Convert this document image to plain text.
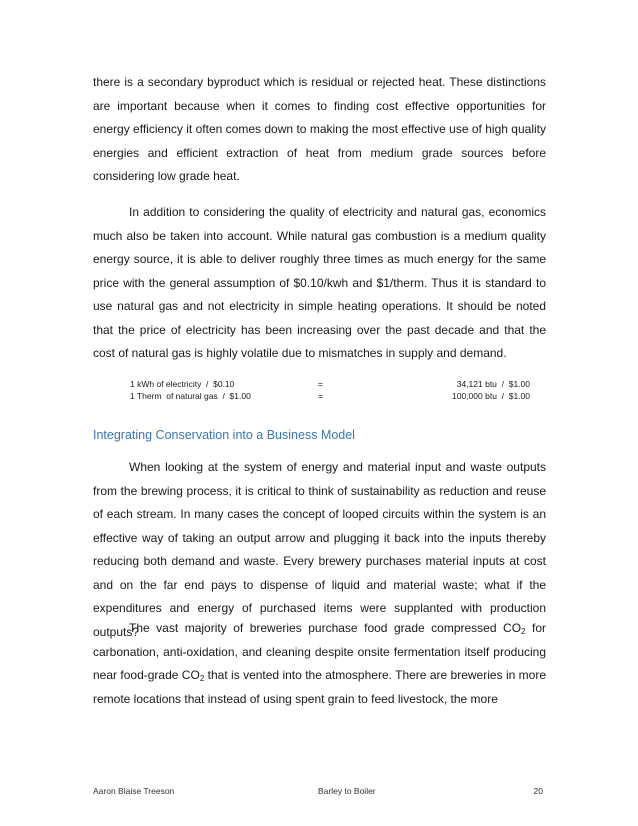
there is a secondary byproduct which is residual or rejected heat. These distinctions are important because when it comes to finding cost effective opportunities for energy efficiency it often comes down to making the most effective use of high quality energies and efficient extraction of heat from medium grade sources before considering low grade heat.

In addition to considering the quality of electricity and natural gas, economics much also be taken into account. While natural gas combustion is a medium quality energy source, it is able to deliver roughly three times as much energy for the same price with the general assumption of $0.10/kwh and $1/therm. Thus it is standard to use natural gas and not electricity in simple heating operations. It should be noted that the price of electricity has been increasing over the past decade and that the cost of natural gas is highly volatile due to mismatches in supply and demand.

1 kWh of electricity  /  $0.10	=	34,121 btu  /  $1.00
1 Therm  of natural gas  /  $1.00	=	100,000 btu  /  $1.00
Integrating Conservation into a Business Model

When looking at the system of energy and material input and waste outputs from the brewing process, it is critical to think of sustainability as reduction and reuse of each stream. In many cases the concept of looped circuits within the system is an effective way of taking an output arrow and plugging it back into the inputs thereby reducing both demand and waste. Every brewery purchases material inputs at cost and on the far end pays to dispense of liquid and material waste; what if the expenditures and energy of purchased items were supplanted with production outputs?

The vast majority of breweries purchase food grade compressed $CO_2$ for carbonation, anti-oxidation, and cleaning despite onsite fermentation itself producing near food-grade $CO_2$ that is vented into the atmosphere. There are breweries in more remote locations that instead of using spent grain to feed livestock, the more

Aaron Blaise Treeson	Barley to Boiler	20
